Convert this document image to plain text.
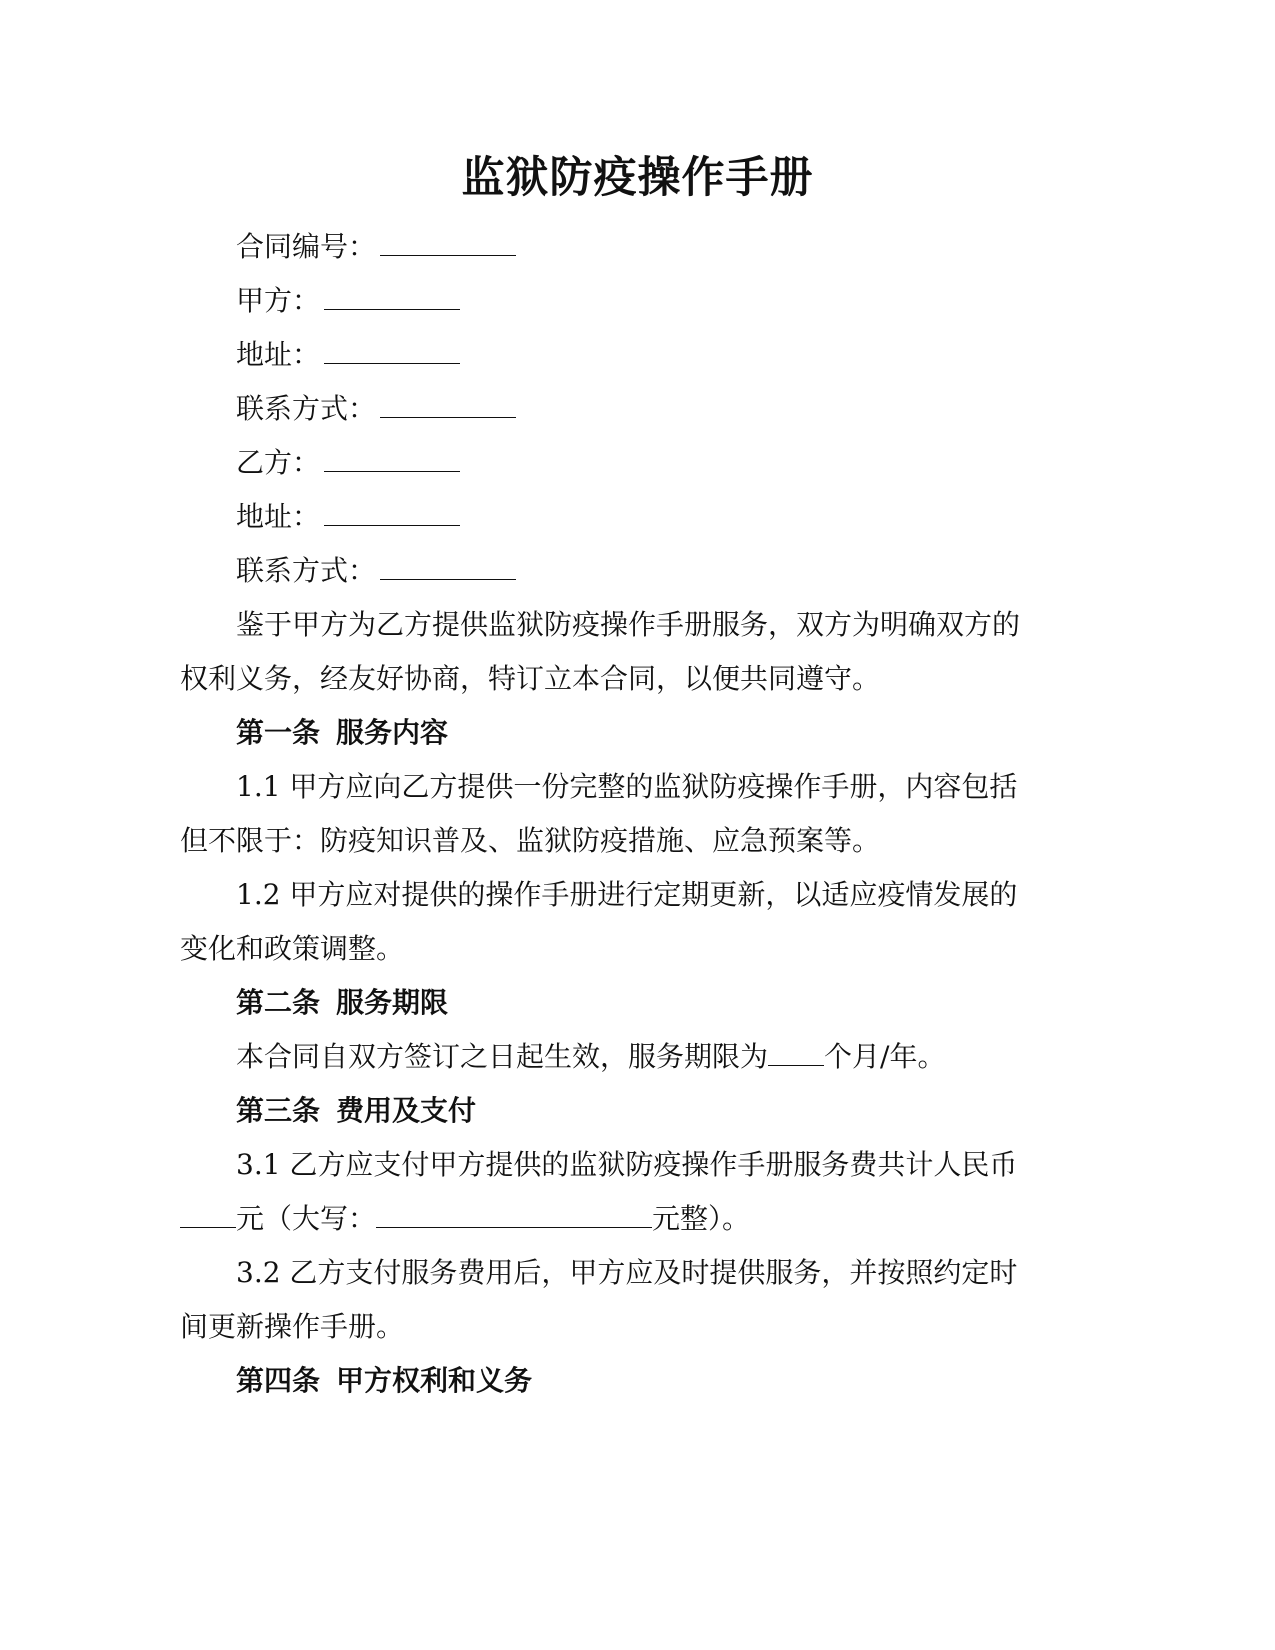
监狱防疫操作手册
合同编号：
甲方：
地址：
联系方式：
乙方：
地址：
联系方式：
鉴于甲方为乙方提供监狱防疫操作手册服务，双方为明确双方的
权利义务，经友好协商，特订立本合同，以便共同遵守。
第一条 服务内容
1.1 甲方应向乙方提供一份完整的监狱防疫操作手册，内容包括
但不限于：防疫知识普及、监狱防疫措施、应急预案等。
1.2 甲方应对提供的操作手册进行定期更新，以适应疫情发展的
变化和政策调整。
第二条 服务期限
本合同自双方签订之日起生效，服务期限为 个月/年。
第三条 费用及支付
3.1 乙方应支付甲方提供的监狱防疫操作手册服务费共计人民币
元（大写：	元整）。
3.2 乙方支付服务费用后，甲方应及时提供服务，并按照约定时
间更新操作手册。
第四条 甲方权利和义务
